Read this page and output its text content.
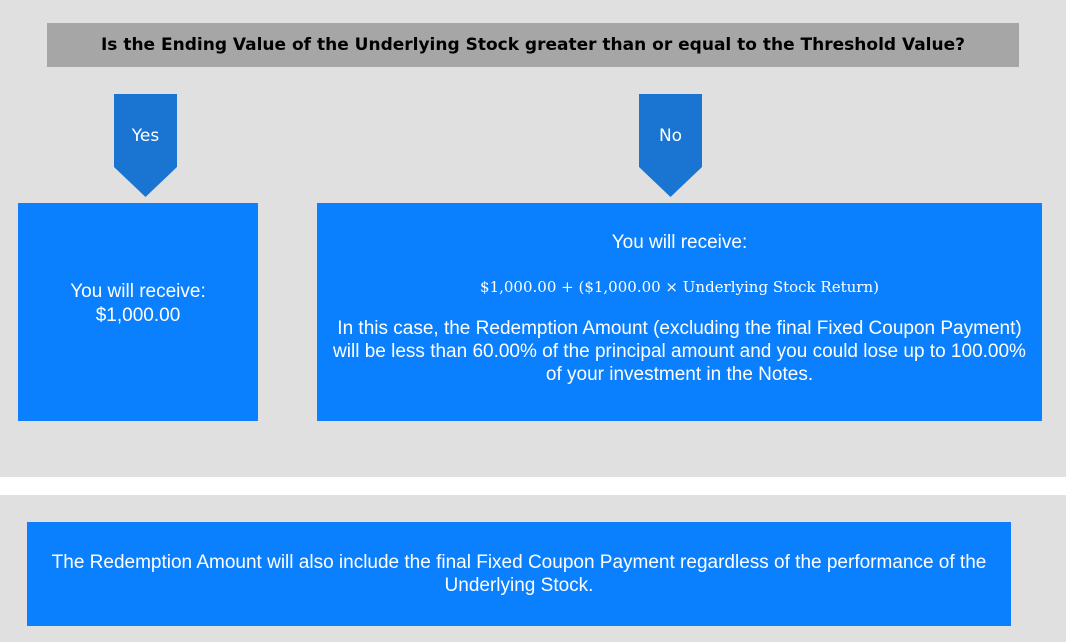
Is the Ending Value of the Underlying Stock greater than or equal to the Threshold Value?
Yes	No
You will receive:
$1,000.00
You will receive:
$1,000.00 + ($1,000.00 × Underlying Stock Return)
In this case, the Redemption Amount (excluding the final Fixed Coupon Payment) will be less than 60.00% of the principal amount and you could lose up to 100.00% of your investment in the Notes.
The Redemption Amount will also include the final Fixed Coupon Payment regardless of the performance of the Underlying Stock.
